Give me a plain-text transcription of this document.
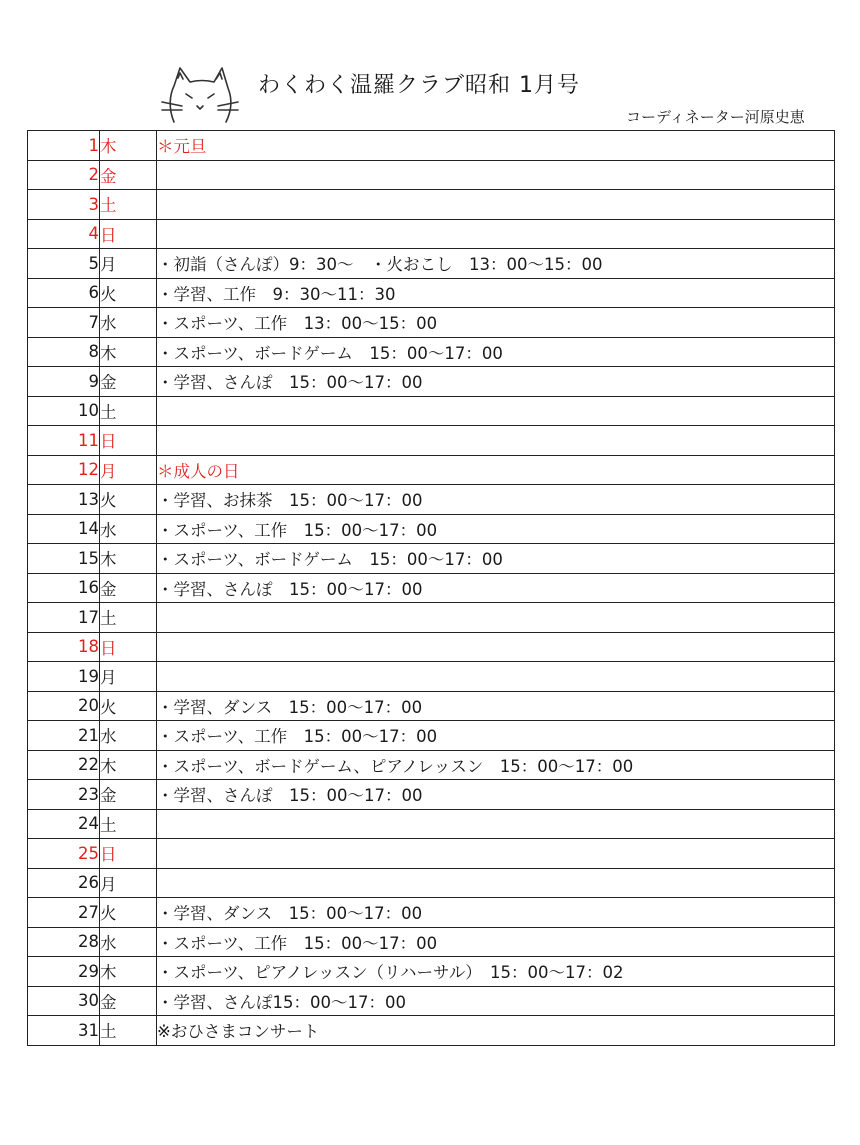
わくわく温羅クラブ昭和 1月号
コーディネーター河原史恵
1	木	＊元旦
2	金	
3	土	
4	日	
5	月	・初詣（さんぽ）9：30～　・火おこし　13：00～15：00
6	火	・学習、工作　9：30～11：30
7	水	・スポーツ、工作　13：00～15：00
8	木	・スポーツ、ボードゲーム　15：00～17：00
9	金	・学習、さんぽ　15：00～17：00
10	土	
11	日	
12	月	＊成人の日
13	火	・学習、お抹茶　15：00～17：00
14	水	・スポーツ、工作　15：00～17：00
15	木	・スポーツ、ボードゲーム　15：00～17：00
16	金	・学習、さんぽ　15：00～17：00
17	土	
18	日	
19	月	
20	火	・学習、ダンス　15：00～17：00
21	水	・スポーツ、工作　15：00～17：00
22	木	・スポーツ、ボードゲーム、ピアノレッスン　15：00～17：00
23	金	・学習、さんぽ　15：00～17：00
24	土	
25	日	
26	月	
27	火	・学習、ダンス　15：00～17：00
28	水	・スポーツ、工作　15：00～17：00
29	木	・スポーツ、ピアノレッスン（リハーサル）　15：00～17：02
30	金	・学習、さんぽ15：00～17：00
31	土	※おひさまコンサート
